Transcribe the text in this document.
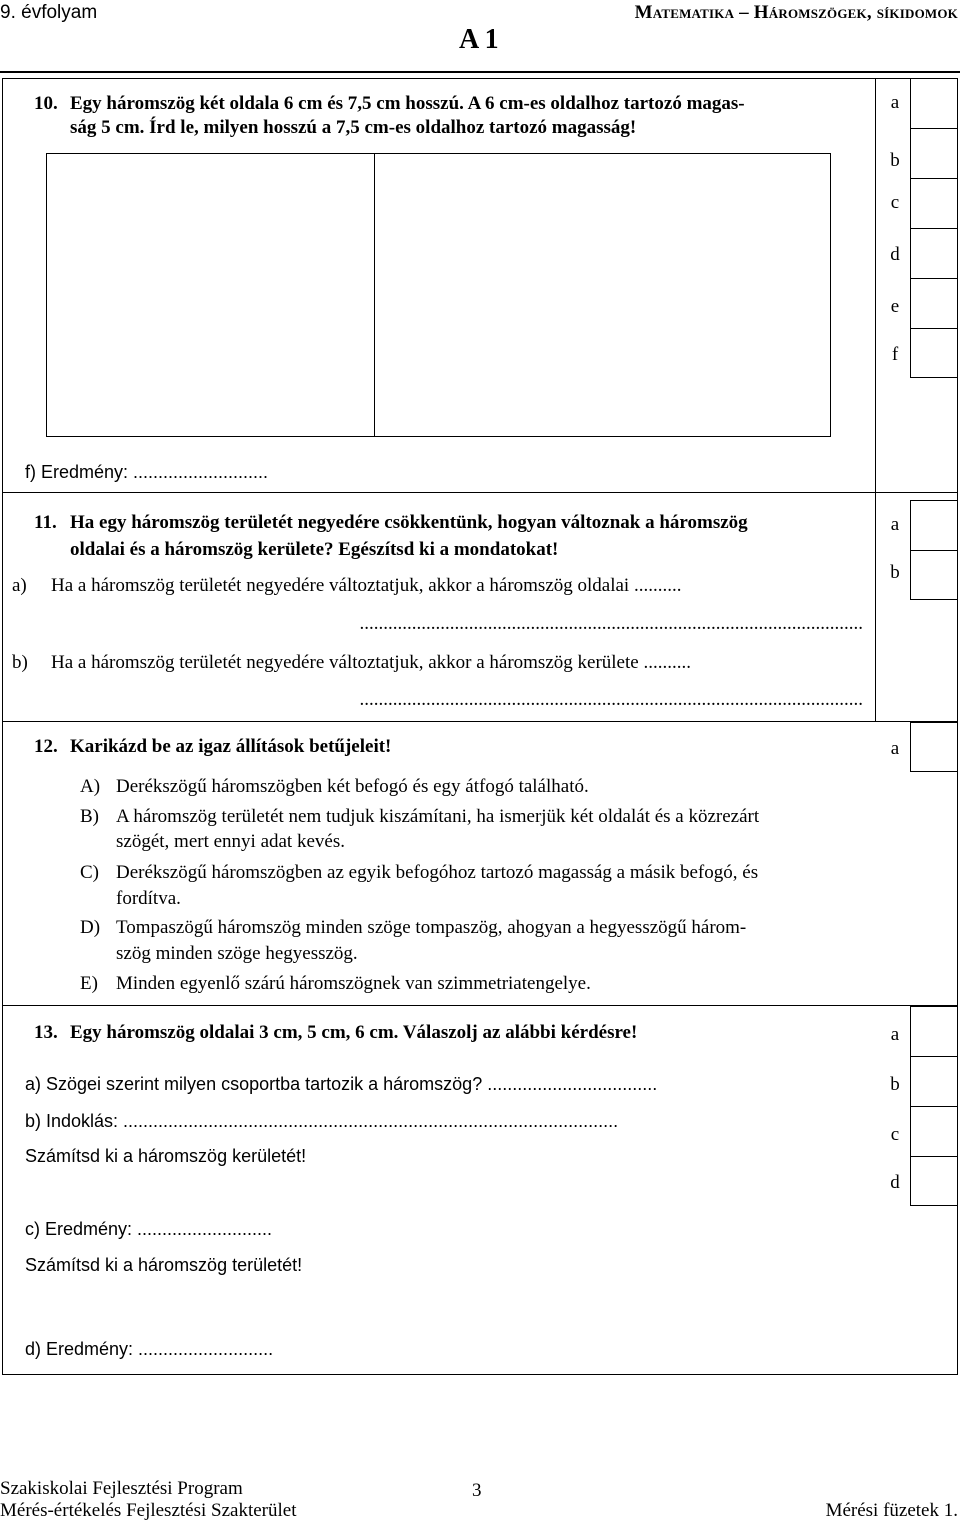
9. évfolyam	Matematika – Háromszögek, síkidomok
A 1
10. Egy háromszög két oldala 6 cm és 7,5 cm hosszú. A 6 cm-es oldalhoz tartozó magas-
ság 5 cm. Írd le, milyen hosszú a 7,5 cm-es oldalhoz tartozó magasság!
f) Eredmény: ...........................
a
b
c
d
e
f
11. Ha egy háromszög területét negyedére csökkentünk, hogyan változnak a háromszög
oldalai és a háromszög kerülete? Egészítsd ki a mondatokat!
a) Ha a háromszög területét negyedére változtatjuk, akkor a háromszög oldalai ..........
..........................................................................................................
b) Ha a háromszög területét negyedére változtatjuk, akkor a háromszög kerülete ..........
..........................................................................................................
a
b
12. Karikázd be az igaz állítások betűjeleit!
A) Derékszögű háromszögben két befogó és egy átfogó található.
B) A háromszög területét nem tudjuk kiszámítani, ha ismerjük két oldalát és a közrezárt
szögét, mert ennyi adat kevés.
C) Derékszögű háromszögben az egyik befogóhoz tartozó magasság a másik befogó, és
fordítva.
D) Tompaszögű háromszög minden szöge tompaszög, ahogyan a hegyesszögű három-
szög minden szöge hegyesszög.
E) Minden egyenlő szárú háromszögnek van szimmetriatengelye.
a
13. Egy háromszög oldalai 3 cm, 5 cm, 6 cm. Válaszolj az alábbi kérdésre!
a) Szögei szerint milyen csoportba tartozik a háromszög? ..................................
b) Indoklás: ...................................................................................................
Számítsd ki a háromszög kerületét!
c) Eredmény: ...........................
Számítsd ki a háromszög területét!
d) Eredmény: ...........................
a
b
c
d
Szakiskolai Fejlesztési Program
Mérés-értékelés Fejlesztési Szakterület
3
Mérési füzetek 1.
